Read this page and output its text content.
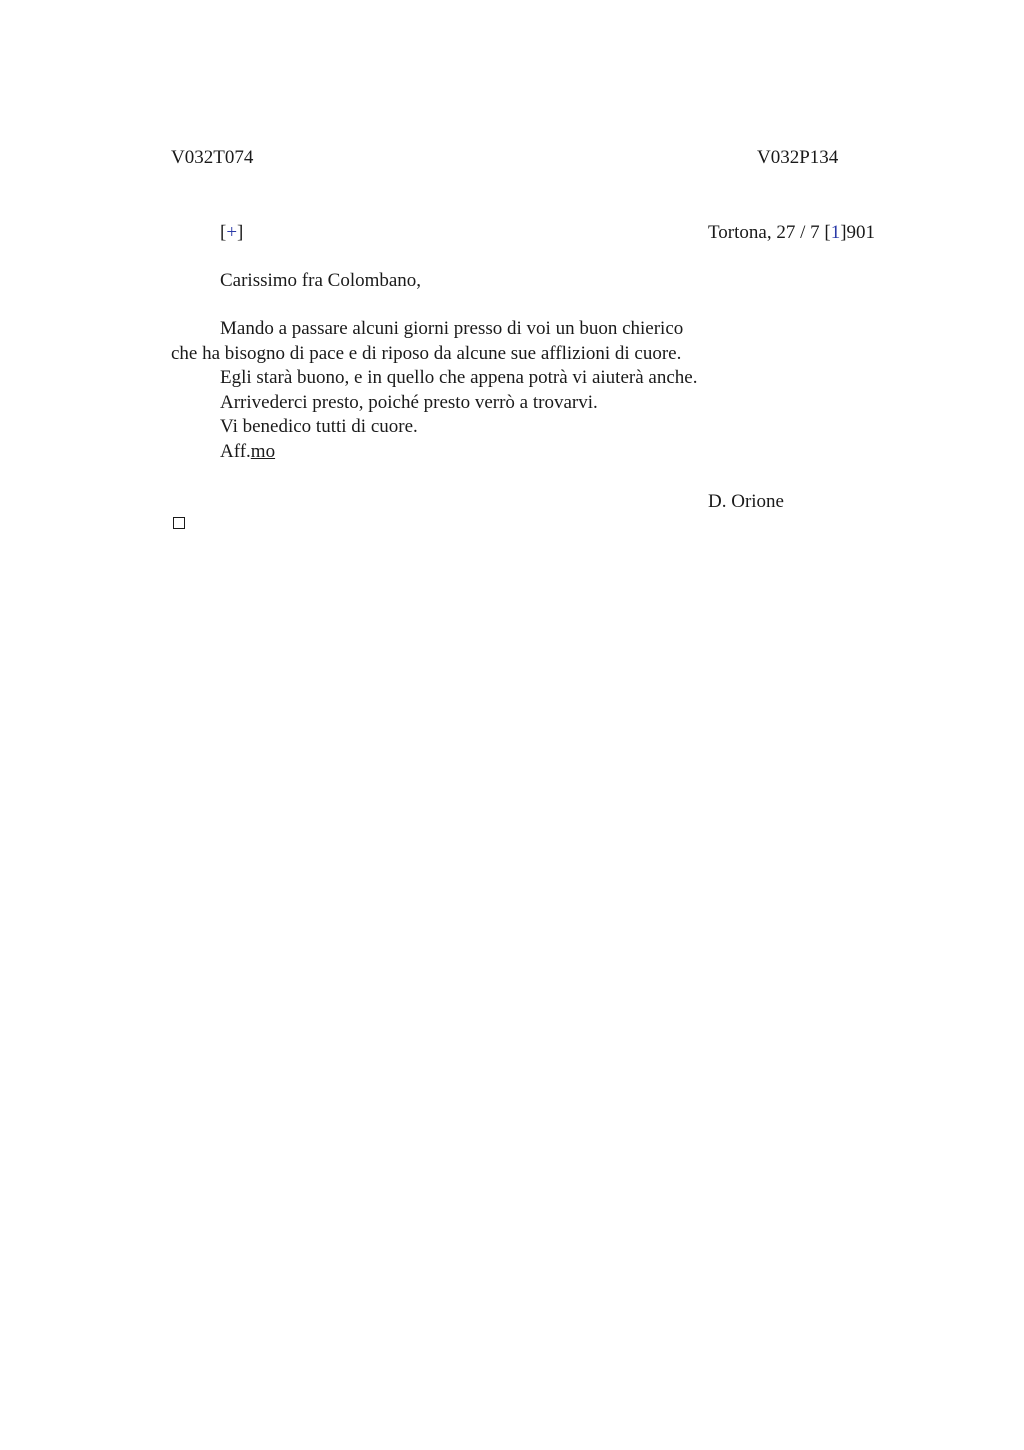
V032T074	V032P134
[+]	Tortona, 27 / 7 [1]901
Carissimo fra Colombano,
Mando a passare alcuni giorni presso di voi un buon chierico
che ha bisogno di pace e di riposo da alcune sue afflizioni di cuore.
Egli starà buono, e in quello che appena potrà vi aiuterà anche.
Arrivederci presto, poiché presto verrò a trovarvi.
Vi benedico tutti di cuore.
Aff.mo
D. Orione
